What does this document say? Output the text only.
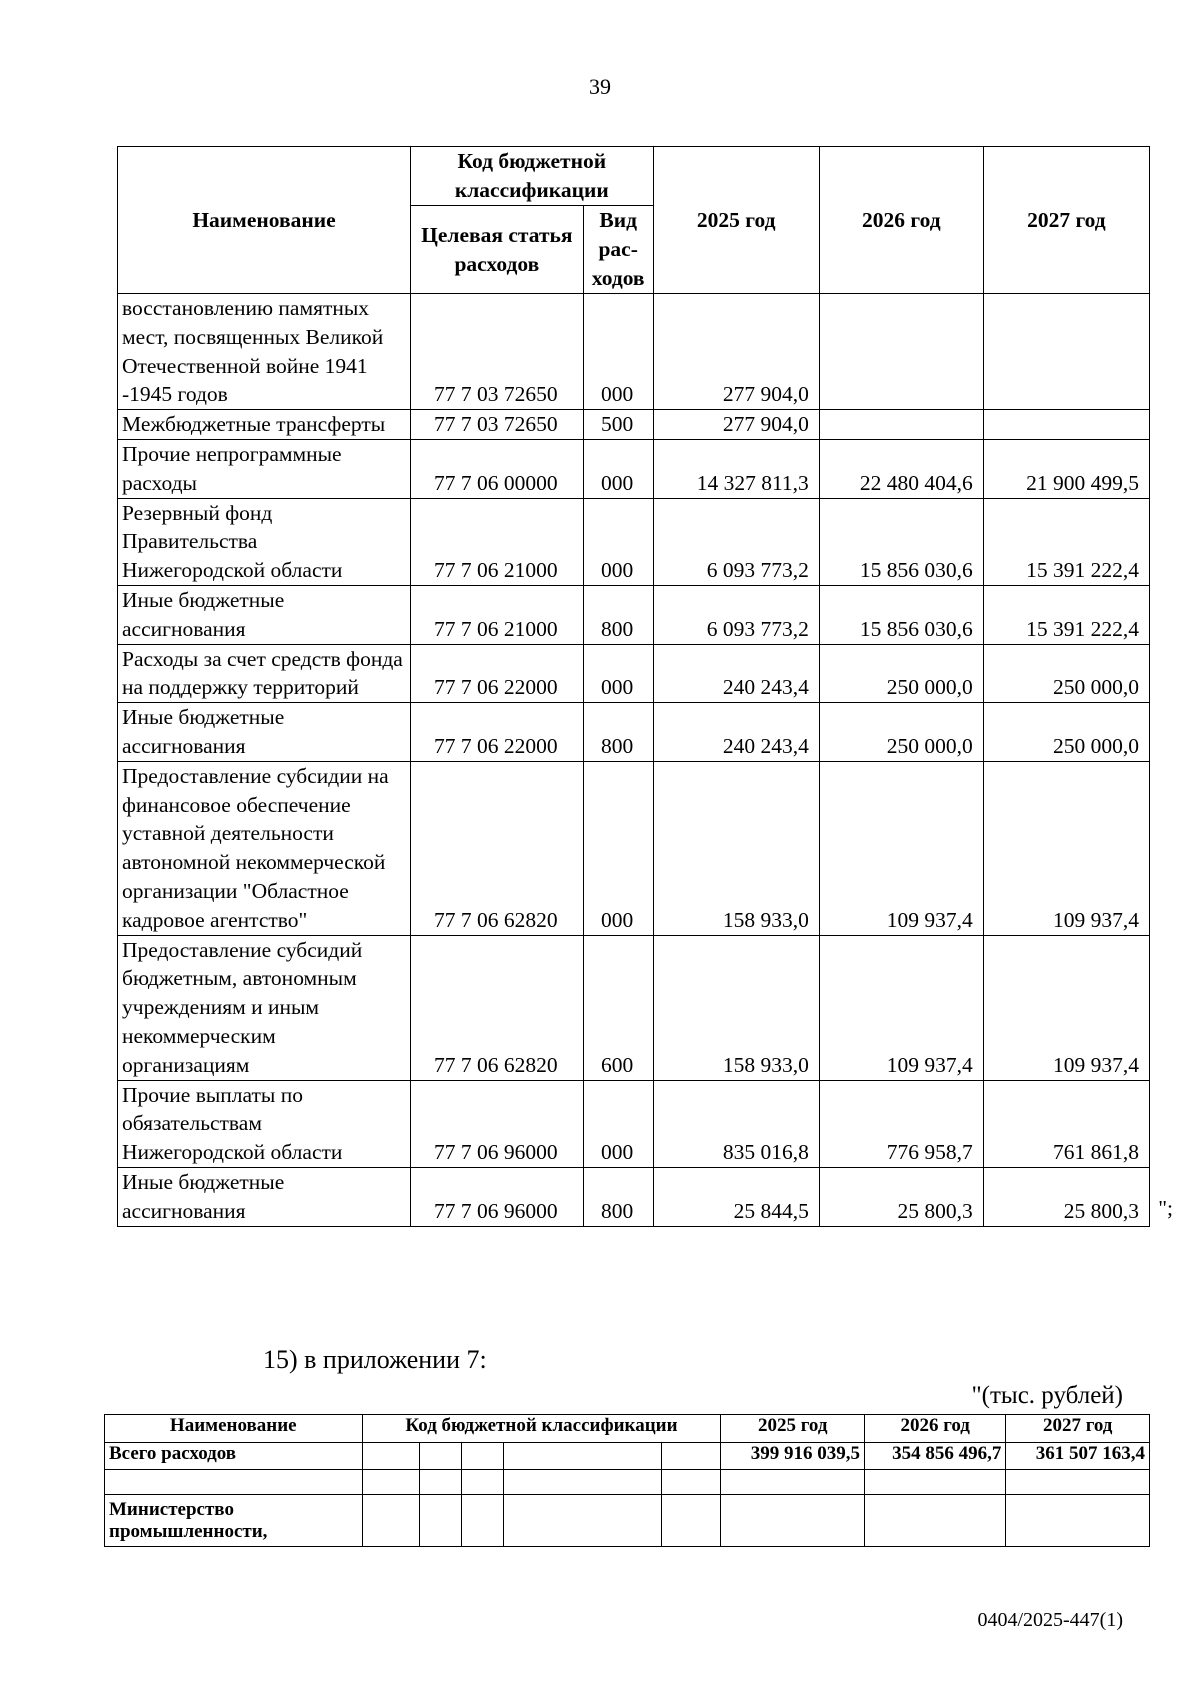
39
Наименование	Код бюджетной классификации		2025 год	2026 год	2027 год
	Целевая статья расходов	Вид рас- ходов			
восстановлению памятных мест, посвященных Великой Отечественной войне 1941 -1945 годов	77 7 03 72650	000	277 904,0		
Межбюджетные трансферты	77 7 03 72650	500	277 904,0		
Прочие непрограммные расходы	77 7 06 00000	000	14 327 811,3	22 480 404,6	21 900 499,5
Резервный фонд Правительства Нижегородской области	77 7 06 21000	000	6 093 773,2	15 856 030,6	15 391 222,4
Иные бюджетные ассигнования	77 7 06 21000	800	6 093 773,2	15 856 030,6	15 391 222,4
Расходы за счет средств фонда на поддержку территорий	77 7 06 22000	000	240 243,4	250 000,0	250 000,0
Иные бюджетные ассигнования	77 7 06 22000	800	240 243,4	250 000,0	250 000,0
Предоставление субсидии на финансовое обеспечение уставной деятельности автономной некоммерческой организации "Областное кадровое агентство"	77 7 06 62820	000	158 933,0	109 937,4	109 937,4
Предоставление субсидий бюджетным, автономным учреждениям и иным некоммерческим организациям	77 7 06 62820	600	158 933,0	109 937,4	109 937,4
Прочие выплаты по обязательствам Нижегородской области	77 7 06 96000	000	835 016,8	776 958,7	761 861,8
Иные бюджетные ассигнования	77 7 06 96000	800	25 844,5	25 800,3	25 800,3 ";
15) в приложении 7:
"(тыс. рублей)
Наименование	Код бюджетной классификации					2025 год	2026 год	2027 год
Всего расходов						399 916 039,5	354 856 496,7	361 507 163,4

Министерство промышленности,								
0404/2025-447(1)
